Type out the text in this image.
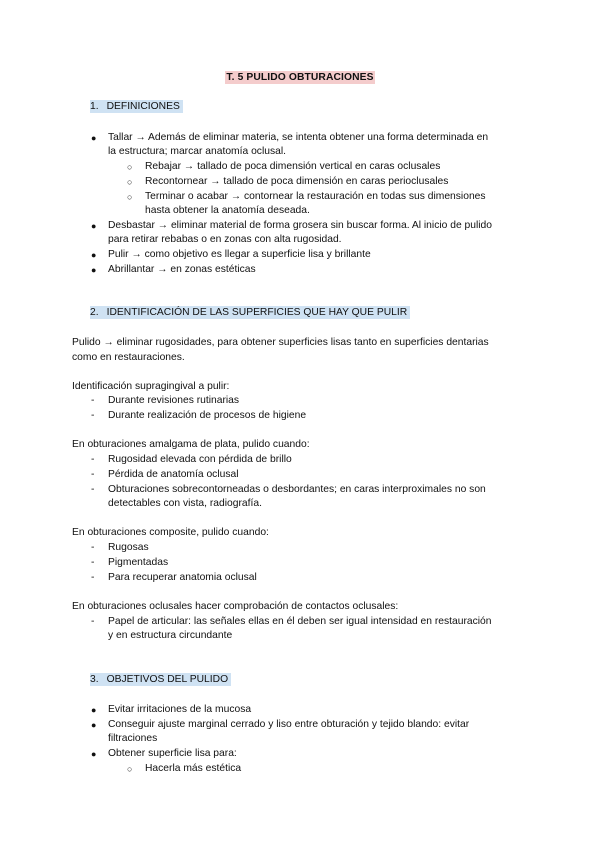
T. 5 PULIDO OBTURACIONES
1. DEFINICIONES
● Tallar → Además de eliminar materia, se intenta obtener una forma determinada en
la estructura; marcar anatomía oclusal.
○ Rebajar → tallado de poca dimensión vertical en caras oclusales
○ Recontornear → tallado de poca dimensión en caras perioclusales
○ Terminar o acabar → contornear la restauración en todas sus dimensiones
hasta obtener la anatomía deseada.
● Desbastar → eliminar material de forma grosera sin buscar forma. Al inicio de pulido
para retirar rebabas o en zonas con alta rugosidad.
● Pulir → como objetivo es llegar a superficie lisa y brillante
● Abrillantar → en zonas estéticas
2. IDENTIFICACIÓN DE LAS SUPERFICIES QUE HAY QUE PULIR
Pulido → eliminar rugosidades, para obtener superficies lisas tanto en superficies dentarias
como en restauraciones.
Identificación supragingival a pulir:
- Durante revisiones rutinarias
- Durante realización de procesos de higiene
En obturaciones amalgama de plata, pulido cuando:
- Rugosidad elevada con pérdida de brillo
- Pérdida de anatomía oclusal
- Obturaciones sobrecontorneadas o desbordantes; en caras interproximales no son
detectables con vista, radiografía.
En obturaciones composite, pulido cuando:
- Rugosas
- Pigmentadas
- Para recuperar anatomia oclusal
En obturaciones oclusales hacer comprobación de contactos oclusales:
- Papel de articular: las señales ellas en él deben ser igual intensidad en restauración
y en estructura circundante
3. OBJETIVOS DEL PULIDO
● Evitar irritaciones de la mucosa
● Conseguir ajuste marginal cerrado y liso entre obturación y tejido blando: evitar
filtraciones
● Obtener superficie lisa para:
○ Hacerla más estética
